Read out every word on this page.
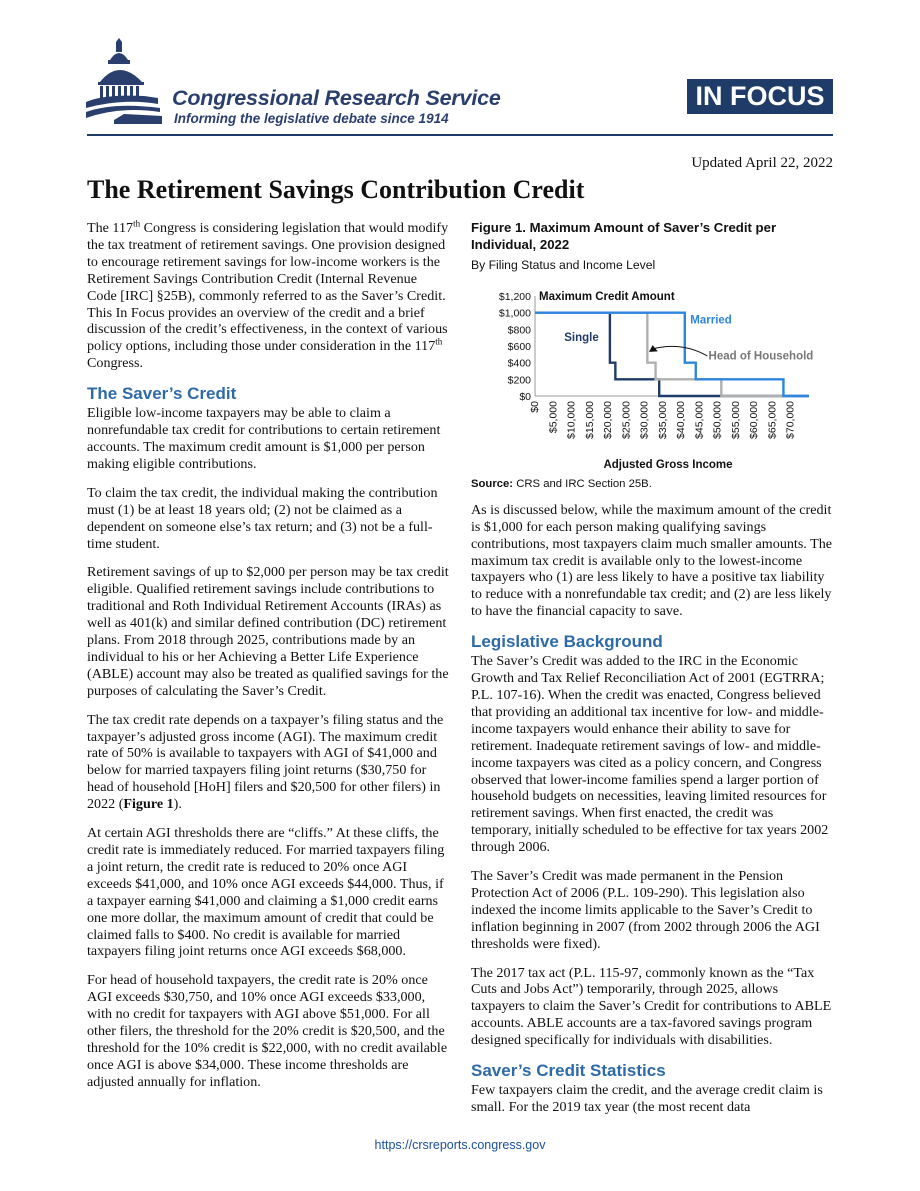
Congressional Research Service
Informing the legislative debate since 1914
IN FOCUS
Updated April 22, 2022
The Retirement Savings Contribution Credit

The 117th Congress is considering legislation that would modify the tax treatment of retirement savings. One provision designed to encourage retirement savings for low-income workers is the Retirement Savings Contribution Credit (Internal Revenue Code [IRC] §25B), commonly referred to as the Saver’s Credit. This In Focus provides an overview of the credit and a brief discussion of the credit’s effectiveness, in the context of various policy options, including those under consideration in the 117th Congress.

The Saver’s Credit

Eligible low-income taxpayers may be able to claim a nonrefundable tax credit for contributions to certain retirement accounts. The maximum credit amount is $1,000 per person making eligible contributions.

To claim the tax credit, the individual making the contribution must (1) be at least 18 years old; (2) not be claimed as a dependent on someone else’s tax return; and (3) not be a full-time student.

Retirement savings of up to $2,000 per person may be tax credit eligible. Qualified retirement savings include contributions to traditional and Roth Individual Retirement Accounts (IRAs) as well as 401(k) and similar defined contribution (DC) retirement plans. From 2018 through 2025, contributions made by an individual to his or her Achieving a Better Life Experience (ABLE) account may also be treated as qualified savings for the purposes of calculating the Saver’s Credit.

The tax credit rate depends on a taxpayer’s filing status and the taxpayer’s adjusted gross income (AGI). The maximum credit rate of 50% is available to taxpayers with AGI of $41,000 and below for married taxpayers filing joint returns ($30,750 for head of household [HoH] filers and $20,500 for other filers) in 2022 (Figure 1).

At certain AGI thresholds there are “cliffs.” At these cliffs, the credit rate is immediately reduced. For married taxpayers filing a joint return, the credit rate is reduced to 20% once AGI exceeds $41,000, and 10% once AGI exceeds $44,000. Thus, if a taxpayer earning $41,000 and claiming a $1,000 credit earns one more dollar, the maximum amount of credit that could be claimed falls to $400. No credit is available for married taxpayers filing joint returns once AGI exceeds $68,000.

For head of household taxpayers, the credit rate is 20% once AGI exceeds $30,750, and 10% once AGI exceeds $33,000, with no credit for taxpayers with AGI above $51,000. For all other filers, the threshold for the 20% credit is $20,500, and the threshold for the 10% credit is $22,000, with no credit available once AGI is above $34,000. These income thresholds are adjusted annually for inflation.

Figure 1. Maximum Amount of Saver’s Credit per Individual, 2022
By Filing Status and Income Level
$0
$200
$400
$600
$800
$1,000
$1,200
$0 $5,000 $10,000 $15,000 $20,000 $25,000 $30,000 $35,000 $40,000 $45,000 $50,000 $55,000 $60,000 $65,000 $70,000
Maximum Credit Amount
Adjusted Gross Income
Single
Married
Head of Household
Source: CRS and IRC Section 25B.

As is discussed below, while the maximum amount of the credit is $1,000 for each person making qualifying savings contributions, most taxpayers claim much smaller amounts. The maximum tax credit is available only to the lowest-income taxpayers who (1) are less likely to have a positive tax liability to reduce with a nonrefundable tax credit; and (2) are less likely to have the financial capacity to save.

Legislative Background

The Saver’s Credit was added to the IRC in the Economic Growth and Tax Relief Reconciliation Act of 2001 (EGTRRA; P.L. 107-16). When the credit was enacted, Congress believed that providing an additional tax incentive for low- and middle-income taxpayers would enhance their ability to save for retirement. Inadequate retirement savings of low- and middle-income taxpayers was cited as a policy concern, and Congress observed that lower-income families spend a larger portion of household budgets on necessities, leaving limited resources for retirement savings. When first enacted, the credit was temporary, initially scheduled to be effective for tax years 2002 through 2006.

The Saver’s Credit was made permanent in the Pension Protection Act of 2006 (P.L. 109-290). This legislation also indexed the income limits applicable to the Saver’s Credit to inflation beginning in 2007 (from 2002 through 2006 the AGI thresholds were fixed).

The 2017 tax act (P.L. 115-97, commonly known as the “Tax Cuts and Jobs Act”) temporarily, through 2025, allows taxpayers to claim the Saver’s Credit for contributions to ABLE accounts. ABLE accounts are a tax-favored savings program designed specifically for individuals with disabilities.

Saver’s Credit Statistics

Few taxpayers claim the credit, and the average credit claim is small. For the 2019 tax year (the most recent data

https://crsreports.congress.gov
